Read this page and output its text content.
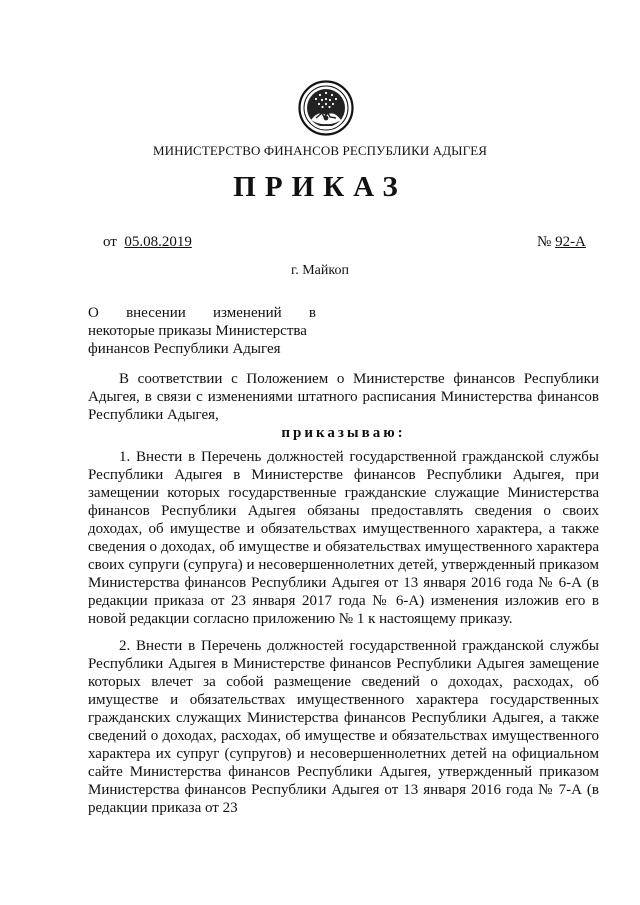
МИНИСТЕРСТВО ФИНАНСОВ РЕСПУБЛИКИ АДЫГЕЯ
ПРИКАЗ
от 05.08.2019	№ 92-А
г. Майкоп
О внесении изменений в
некоторые приказы Министерства
финансов Республики Адыгея
В соответствии с Положением о Министерстве финансов Республики Адыгея, в связи с изменениями штатного расписания Министерства финансов Республики Адыгея,
приказываю:
1. Внести в Перечень должностей государственной гражданской службы Республики Адыгея в Министерстве финансов Республики Адыгея, при замещении которых государственные гражданские служащие Министерства финансов Республики Адыгея обязаны предоставлять сведения о своих доходах, об имуществе и обязательствах имущественного характера, а также сведения о доходах, об имуществе и обязательствах имущественного характера своих супруги (супруга) и несовершеннолетних детей, утвержденный приказом Министерства финансов Республики Адыгея от 13 января 2016 года № 6-А (в редакции приказа от 23 января 2017 года № 6-А) изменения изложив его в новой редакции согласно приложению № 1 к настоящему приказу.
2. Внести в Перечень должностей государственной гражданской службы Республики Адыгея в Министерстве финансов Республики Адыгея замещение которых влечет за собой размещение сведений о доходах, расходах, об имуществе и обязательствах имущественного характера государственных гражданских служащих Министерства финансов Республики Адыгея, а также сведений о доходах, расходах, об имуществе и обязательствах имущественного характера их супруг (супругов) и несовершеннолетних детей на официальном сайте Министерства финансов Республики Адыгея, утвержденный приказом Министерства финансов Республики Адыгея от 13 января 2016 года № 7-А (в редакции приказа от 23
